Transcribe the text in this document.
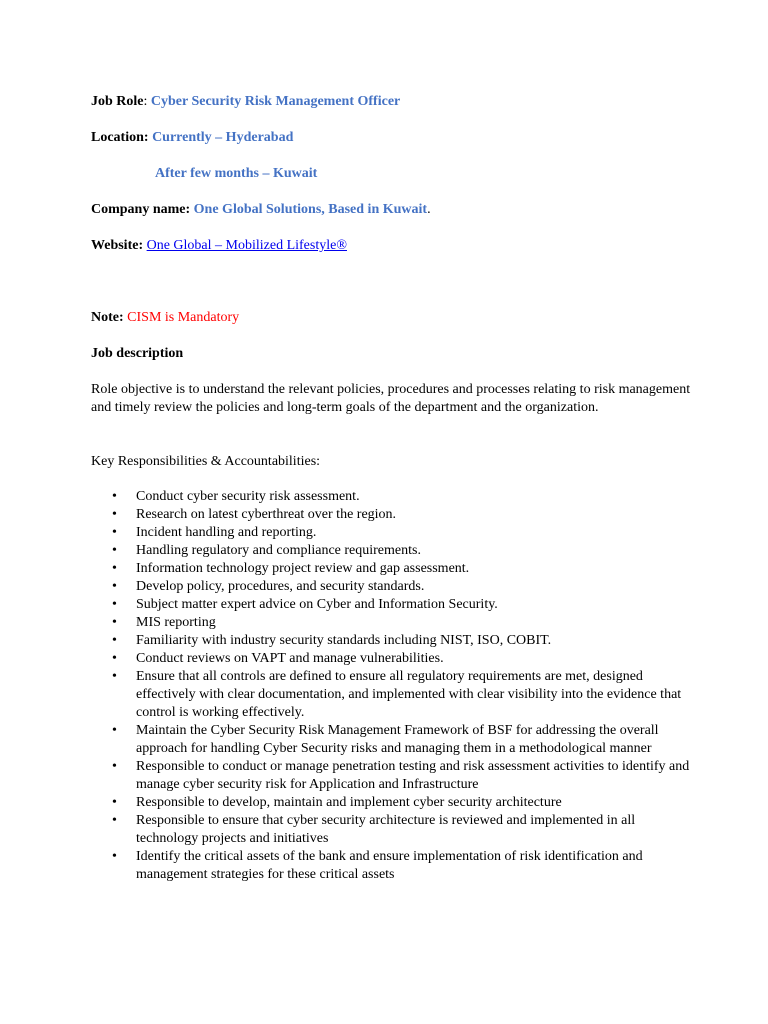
Job Role: Cyber Security Risk Management Officer
Location: Currently – Hyderabad
After few months – Kuwait
Company name: One Global Solutions, Based in Kuwait.
Website: One Global – Mobilized Lifestyle®
Note: CISM is Mandatory
Job description
Role objective is to understand the relevant policies, procedures and processes relating to risk management and timely review the policies and long-term goals of the department and the organization.
Key Responsibilities & Accountabilities:
• Conduct cyber security risk assessment.
• Research on latest cyberthreat over the region.
• Incident handling and reporting.
• Handling regulatory and compliance requirements.
• Information technology project review and gap assessment.
• Develop policy, procedures, and security standards.
• Subject matter expert advice on Cyber and Information Security.
• MIS reporting
• Familiarity with industry security standards including NIST, ISO, COBIT.
• Conduct reviews on VAPT and manage vulnerabilities.
• Ensure that all controls are defined to ensure all regulatory requirements are met, designed effectively with clear documentation, and implemented with clear visibility into the evidence that control is working effectively.
• Maintain the Cyber Security Risk Management Framework of BSF for addressing the overall approach for handling Cyber Security risks and managing them in a methodological manner
• Responsible to conduct or manage penetration testing and risk assessment activities to identify and manage cyber security risk for Application and Infrastructure
• Responsible to develop, maintain and implement cyber security architecture
• Responsible to ensure that cyber security architecture is reviewed and implemented in all technology projects and initiatives
• Identify the critical assets of the bank and ensure implementation of risk identification and management strategies for these critical assets
